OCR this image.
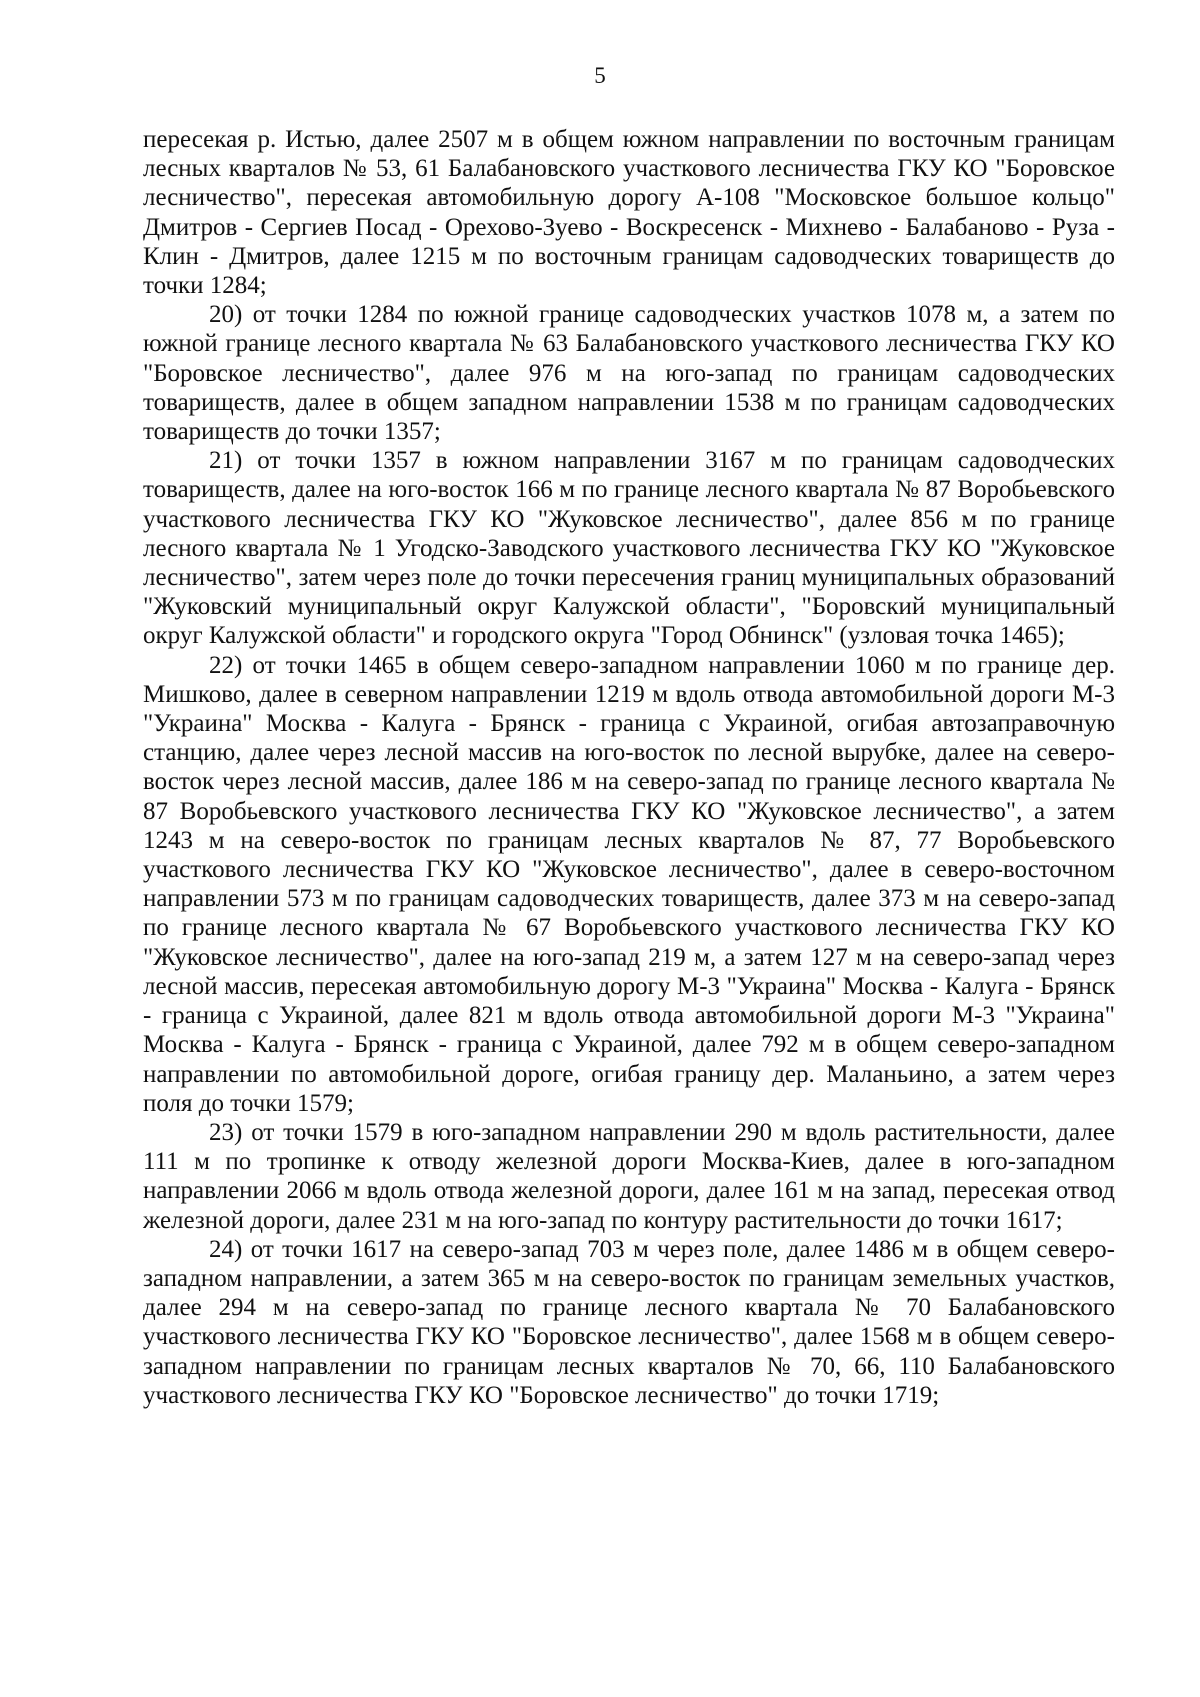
5

пересекая р. Истью, далее 2507 м в общем южном направлении по восточным границам лесных кварталов № 53, 61 Балабановского участкового лесничества ГКУ КО "Боровское лесничество", пересекая автомобильную дорогу А-108 "Московское большое кольцо" Дмитров - Сергиев Посад - Орехово-Зуево - Воскресенск - Михнево - Балабаново - Руза - Клин - Дмитров, далее 1215 м по восточным границам садоводческих товариществ до точки 1284;

20) от точки 1284 по южной границе садоводческих участков 1078 м, а затем по южной границе лесного квартала № 63 Балабановского участкового лесничества ГКУ КО "Боровское лесничество", далее 976 м на юго-запад по границам садоводческих товариществ, далее в общем западном направлении 1538 м по границам садоводческих товариществ до точки 1357;

21) от точки 1357 в южном направлении 3167 м по границам садоводческих товариществ, далее на юго-восток 166 м по границе лесного квартала № 87 Воробьевского участкового лесничества ГКУ КО "Жуковское лесничество", далее 856 м по границе лесного квартала № 1 Угодско-Заводского участкового лесничества ГКУ КО "Жуковское лесничество", затем через поле до точки пересечения границ муниципальных образований "Жуковский муниципальный округ Калужской области", "Боровский муниципальный округ Калужской области" и городского округа "Город Обнинск" (узловая точка 1465);

22) от точки 1465 в общем северо-западном направлении 1060 м по границе дер. Мишково, далее в северном направлении 1219 м вдоль отвода автомобильной дороги М-3 "Украина" Москва - Калуга - Брянск - граница с Украиной, огибая автозаправочную станцию, далее через лесной массив на юго-восток по лесной вырубке, далее на северо-восток через лесной массив, далее 186 м на северо-запад по границе лесного квартала № 87 Воробьевского участкового лесничества ГКУ КО "Жуковское лесничество", а затем 1243 м на северо-восток по границам лесных кварталов № 87, 77 Воробьевского участкового лесничества ГКУ КО "Жуковское лесничество", далее в северо-восточном направлении 573 м по границам садоводческих товариществ, далее 373 м на северо-запад по границе лесного квартала № 67 Воробьевского участкового лесничества ГКУ КО "Жуковское лесничество", далее на юго-запад 219 м, а затем 127 м на северо-запад через лесной массив, пересекая автомобильную дорогу М-3 "Украина" Москва - Калуга - Брянск - граница с Украиной, далее 821 м вдоль отвода автомобильной дороги М-3 "Украина" Москва - Калуга - Брянск - граница с Украиной, далее 792 м в общем северо-западном направлении по автомобильной дороге, огибая границу дер. Маланьино, а затем через поля до точки 1579;

23) от точки 1579 в юго-западном направлении 290 м вдоль растительности, далее 111 м по тропинке к отводу железной дороги Москва-Киев, далее в юго-западном направлении 2066 м вдоль отвода железной дороги, далее 161 м на запад, пересекая отвод железной дороги, далее 231 м на юго-запад по контуру растительности до точки 1617;

24) от точки 1617 на северо-запад 703 м через поле, далее 1486 м в общем северо-западном направлении, а затем 365 м на северо-восток по границам земельных участков, далее 294 м на северо-запад по границе лесного квартала № 70 Балабановского участкового лесничества ГКУ КО "Боровское лесничество", далее 1568 м в общем северо-западном направлении по границам лесных кварталов № 70, 66, 110 Балабановского участкового лесничества ГКУ КО "Боровское лесничество" до точки 1719;
